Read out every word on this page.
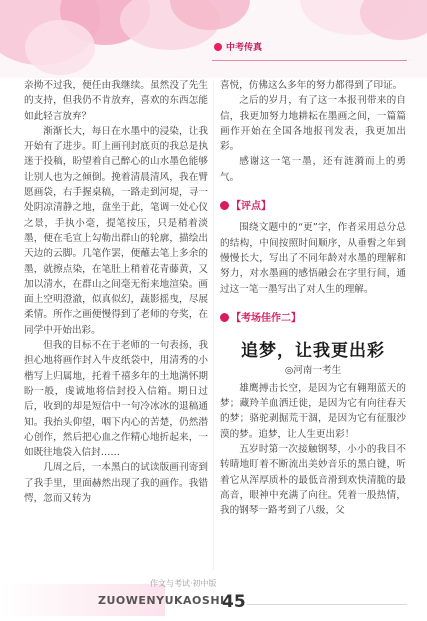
中考传真

亲拗不过我，便任由我继续。虽然没了先生的支持，但我仍不肯放弃，喜欢的东西怎能如此轻言放弃？

渐渐长大，每日在水墨中的浸染，让我开始有了进步。盯上画刊封底页的我总是执迷于投稿，盼望着自己醉心的山水墨色能够让别人也为之倾倒。挽着清晨清风，我在臂愿画袋，右手握桌稿，一路走到河堤，寻一处阴凉清静之地，盘坐于此，笔调一处心仪之景，手执小毫，提笔按压，只是稍着淡墨，便在毛宣上勾勒出群山的轮廓，描绘出天边的云脚。几笔作罢，便蘸去笔上多余的墨，就擦点染，在笔肚上稍着花青藤黄，又加以清水，在群山之间毫无衔来地渲染。画面上空明澄澈，似真似幻，蔬影摇曳，尽展柔情。所作之画便慢得到了老师的夸奖，在同学中开始出彩。

但我的目标不在于老师的一句表扬，我担心地将画作封入牛皮纸袋中，用清秀的小楷写上归属地，托着千禧多年的土地满怀期盼一般，虔诚地将信封投入信箱。期日过后，收到的却是短信中一句冷冰冰的退稿通知。我抬头仰望，咽下内心的苦楚，仍然潜心创作，然后把心血之作精心地折起来，一如既往地袋入信封……

几周之后，一本黑白的试读版画刊寄到了我手里，里面赫然出现了我的画作。我错愕，忽而又转为

喜悦，仿佛这么多年的努力都得到了印证。

之后的岁月，有了这一本报刊带来的自信，我更加努力地耕耘在墨画之间，一篇篇画作开始在全国各地报刊发表，我更加出彩。

感谢这一笔一墨，还有涟漪而上的勇气。

【评点】

围绕文题中的“更”字，作者采用总分总的结构，中间按照时间顺序，从垂髫之年到慢慢长大，写出了不同年龄对水墨的理解和努力，对水墨画的感悟融会在字里行间，通过这一笔一墨写出了对人生的理解。

【考场佳作二】
追梦，让我更出彩
◎河南一考生

雄鹰搏击长空，是因为它有翱翔蓝天的梦；藏羚羊血洒迁徙，是因为它有向往春天的梦；骆驼剥掘荒干涸，是因为它有征服沙漠的梦。追梦，让人生更出彩！

五岁时第一次接触钢琴，小小的我目不转睛地盯着不断流出美妙音乐的黑白键，听着它从浑厚质朴的最低音滑到欢快清脆的最高音，眼神中充满了向往。凭着一股热情，我的钢琴一路考到了八级，父

作文与考试·初中版
ZUOWENYUKAOSHI
45
